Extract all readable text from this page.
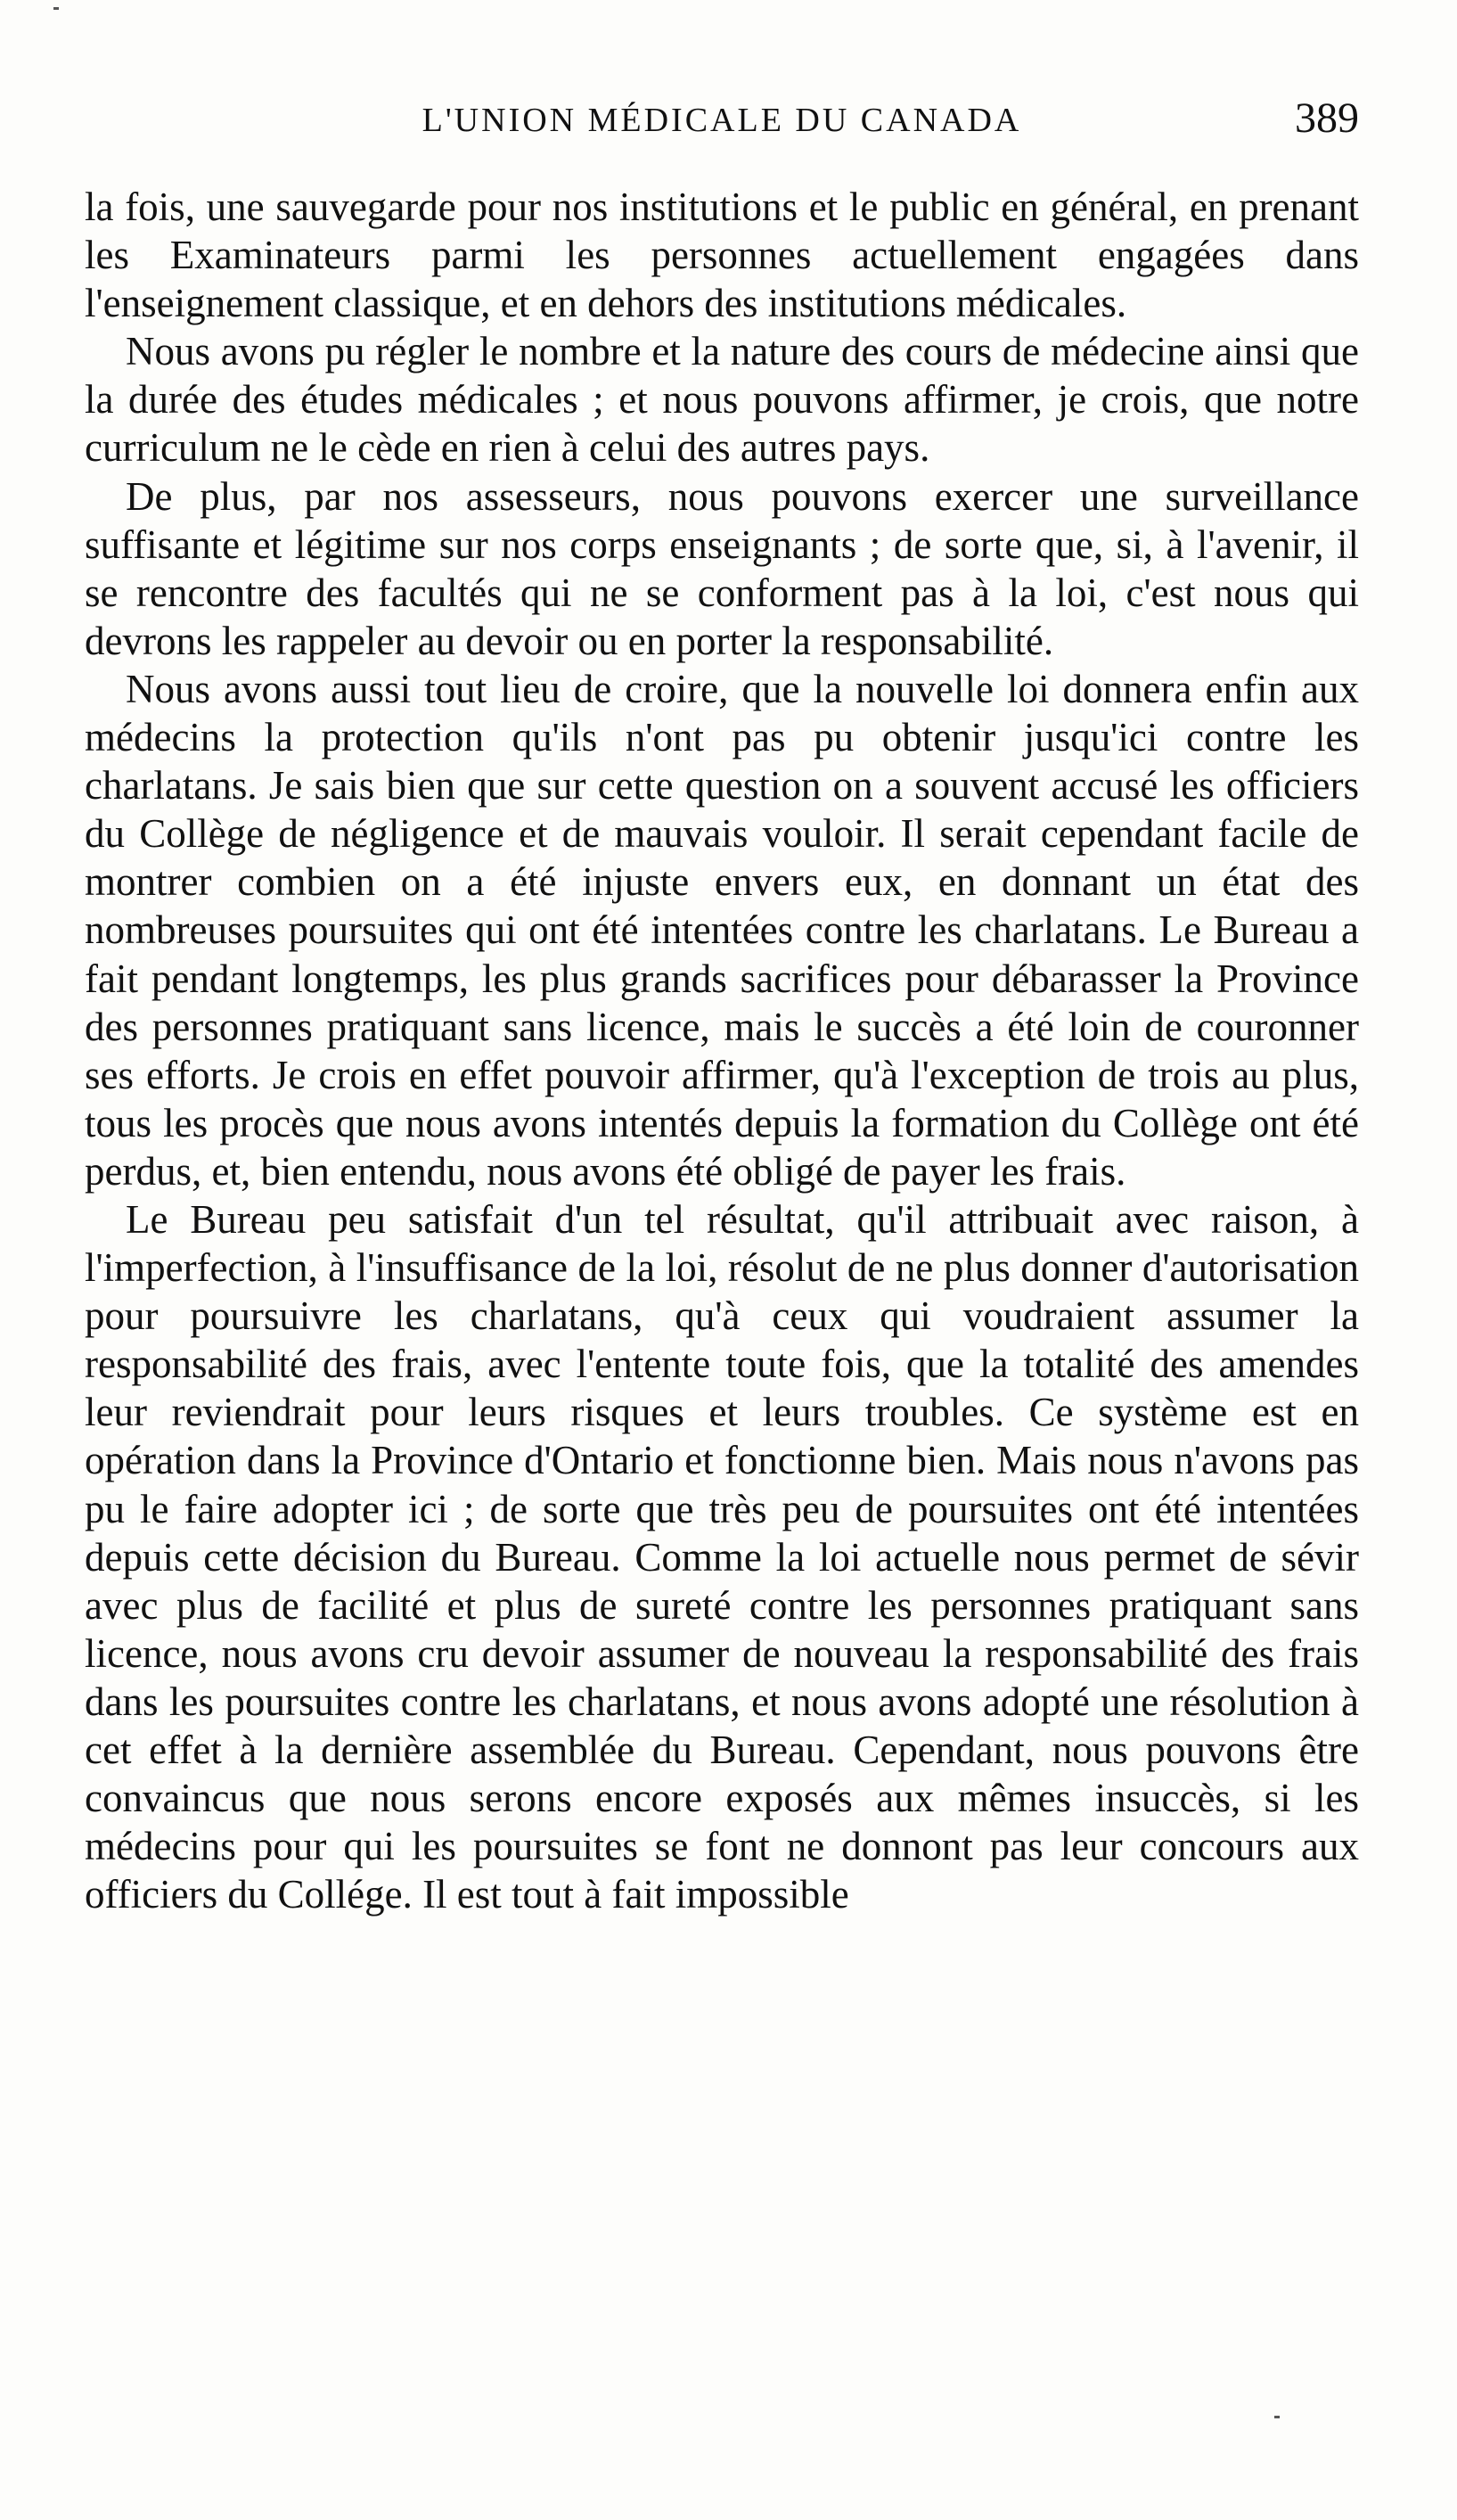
L'UNION MÉDICALE DU CANADA	389

la fois, une sauvegarde pour nos institutions et le public en général, en prenant les Examinateurs parmi les personnes actuellement engagées dans l'enseignement classique, et en dehors des institutions médicales.

Nous avons pu régler le nombre et la nature des cours de médecine ainsi que la durée des études médicales ; et nous pouvons affirmer, je crois, que notre curriculum ne le cède en rien à celui des autres pays.

De plus, par nos assesseurs, nous pouvons exercer une surveillance suffisante et légitime sur nos corps enseignants ; de sorte que, si, à l'avenir, il se rencontre des facultés qui ne se conforment pas à la loi, c'est nous qui devrons les rappeler au devoir ou en porter la responsabilité.

Nous avons aussi tout lieu de croire, que la nouvelle loi donnera enfin aux médecins la protection qu'ils n'ont pas pu obtenir jusqu'ici contre les charlatans. Je sais bien que sur cette question on a souvent accusé les officiers du Collège de négligence et de mauvais vouloir. Il serait cependant facile de montrer combien on a été injuste envers eux, en donnant un état des nombreuses poursuites qui ont été intentées contre les charlatans. Le Bureau a fait pendant longtemps, les plus grands sacrifices pour débarasser la Province des personnes pratiquant sans licence, mais le succès a été loin de couronner ses efforts. Je crois en effet pouvoir affirmer, qu'à l'exception de trois au plus, tous les procès que nous avons intentés depuis la formation du Collège ont été perdus, et, bien entendu, nous avons été obligé de payer les frais.

Le Bureau peu satisfait d'un tel résultat, qu'il attribuait avec raison, à l'imperfection, à l'insuffisance de la loi, résolut de ne plus donner d'autorisation pour poursuivre les charlatans, qu'à ceux qui voudraient assumer la responsabilité des frais, avec l'entente toute fois, que la totalité des amendes leur reviendrait pour leurs risques et leurs troubles. Ce système est en opération dans la Province d'Ontario et fonctionne bien. Mais nous n'avons pas pu le faire adopter ici ; de sorte que très peu de poursuites ont été intentées depuis cette décision du Bureau. Comme la loi actuelle nous permet de sévir avec plus de facilité et plus de sureté contre les personnes pratiquant sans licence, nous avons cru devoir assumer de nouveau la responsabilité des frais dans les poursuites contre les charlatans, et nous avons adopté une résolution à cet effet à la dernière assemblée du Bureau. Cependant, nous pouvons être convaincus que nous serons encore exposés aux mêmes insuccès, si les médecins pour qui les poursuites se font ne donnont pas leur concours aux officiers du Collége. Il est tout à fait impossible
